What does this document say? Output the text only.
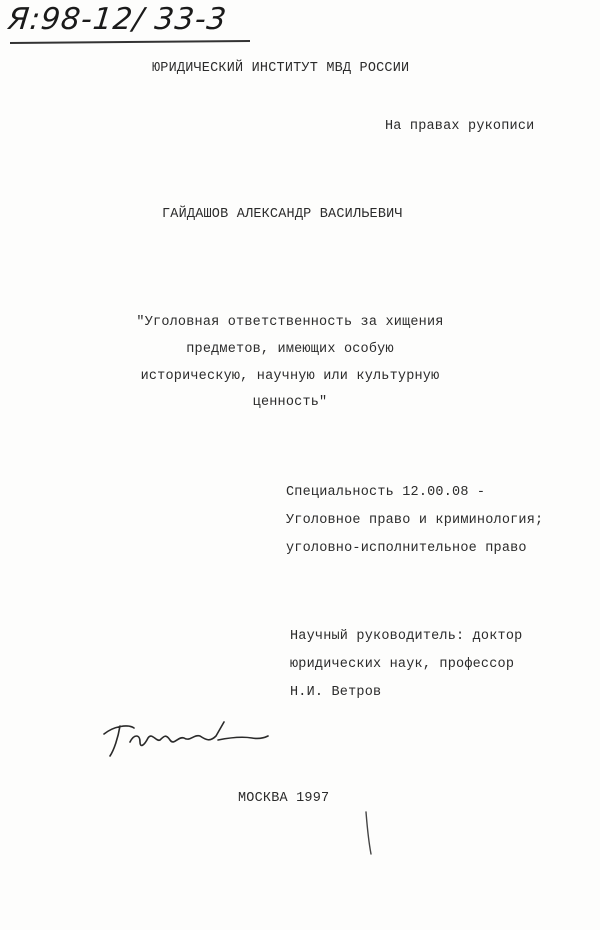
Я:98-12/ 33-3
ЮРИДИЧЕСКИЙ ИНСТИТУТ МВД РОССИИ
На правах рукописи
ГАЙДАШОВ АЛЕКСАНДР ВАСИЛЬЕВИЧ
"Уголовная ответственность за хищения
предметов, имеющих особую
историческую, научную или культурную
ценность"
Специальность 12.00.08 -
Уголовное право и криминология;
уголовно-исполнительное право
Научный руководитель: доктор
юридических наук, профессор
Н.И. Ветров
МОСКВА 1997
